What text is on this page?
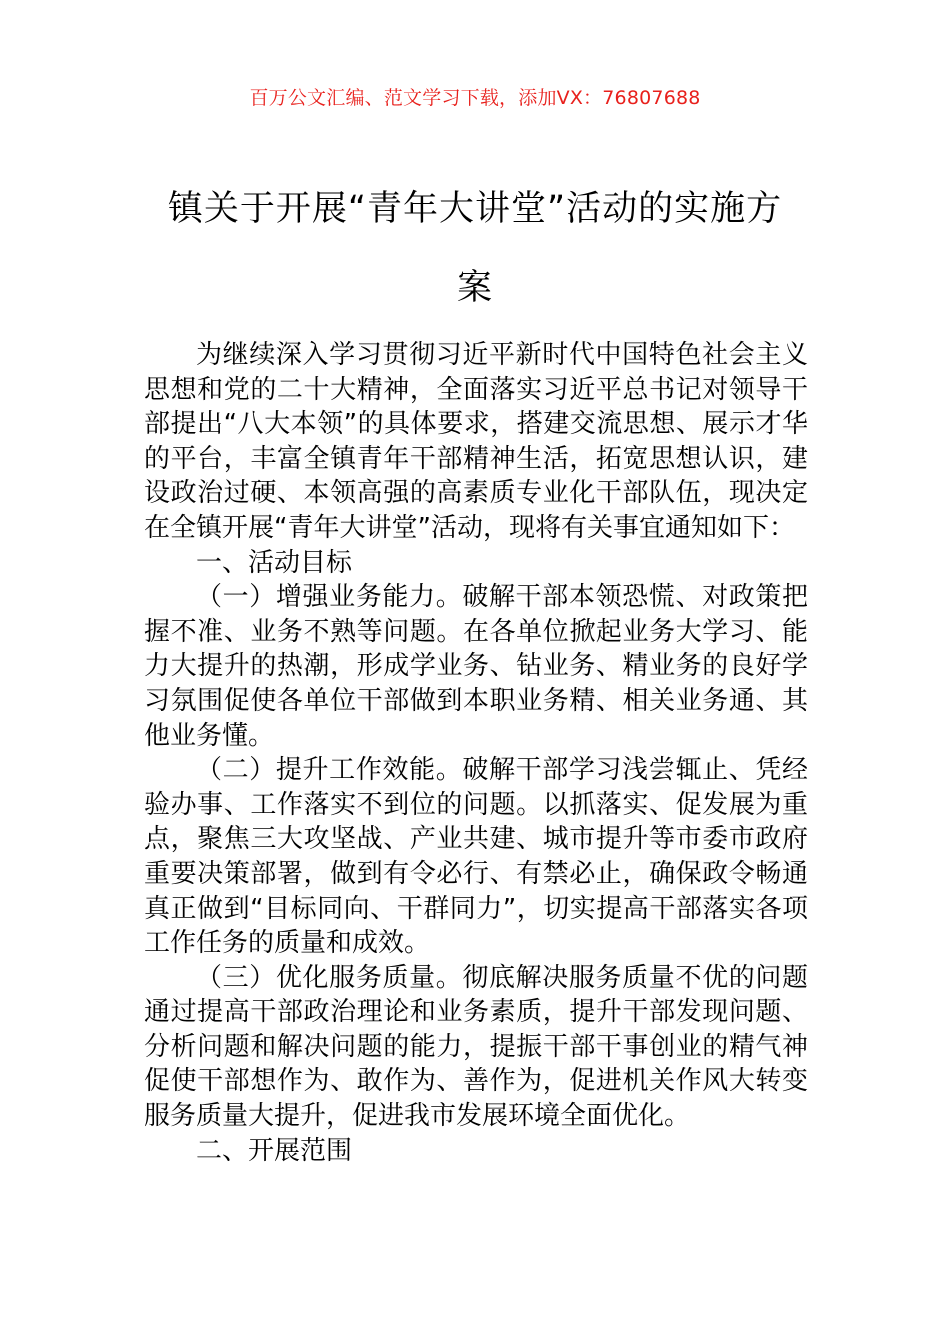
百万公文汇编、范文学习下载，添加VX：76807688
镇关于开展“青年大讲堂”活动的实施方案

为继续深入学习贯彻习近平新时代中国特色社会主义思想和党的二十大精神，全面落实习近平总书记对领导干部提出“八大本领”的具体要求，搭建交流思想、展示才华的平台，丰富全镇青年干部精神生活，拓宽思想认识，建设政治过硬、本领高强的高素质专业化干部队伍，现决定在全镇开展“青年大讲堂”活动，现将有关事宜通知如下：

一、活动目标

（一）增强业务能力。破解干部本领恐慌、对政策把握不准、业务不熟等问题。在各单位掀起业务大学习、能力大提升的热潮，形成学业务、钻业务、精业务的良好学习氛围促使各单位干部做到本职业务精、相关业务通、其他业务懂。

（二）提升工作效能。破解干部学习浅尝辄止、凭经验办事、工作落实不到位的问题。以抓落实、促发展为重点，聚焦三大攻坚战、产业共建、城市提升等市委市政府重要决策部署，做到有令必行、有禁必止，确保政令畅通真正做到“目标同向、干群同力”，切实提高干部落实各项工作任务的质量和成效。

（三）优化服务质量。彻底解决服务质量不优的问题通过提高干部政治理论和业务素质，提升干部发现问题、分析问题和解决问题的能力，提振干部干事创业的精气神促使干部想作为、敢作为、善作为，促进机关作风大转变服务质量大提升，促进我市发展环境全面优化。

二、开展范围
